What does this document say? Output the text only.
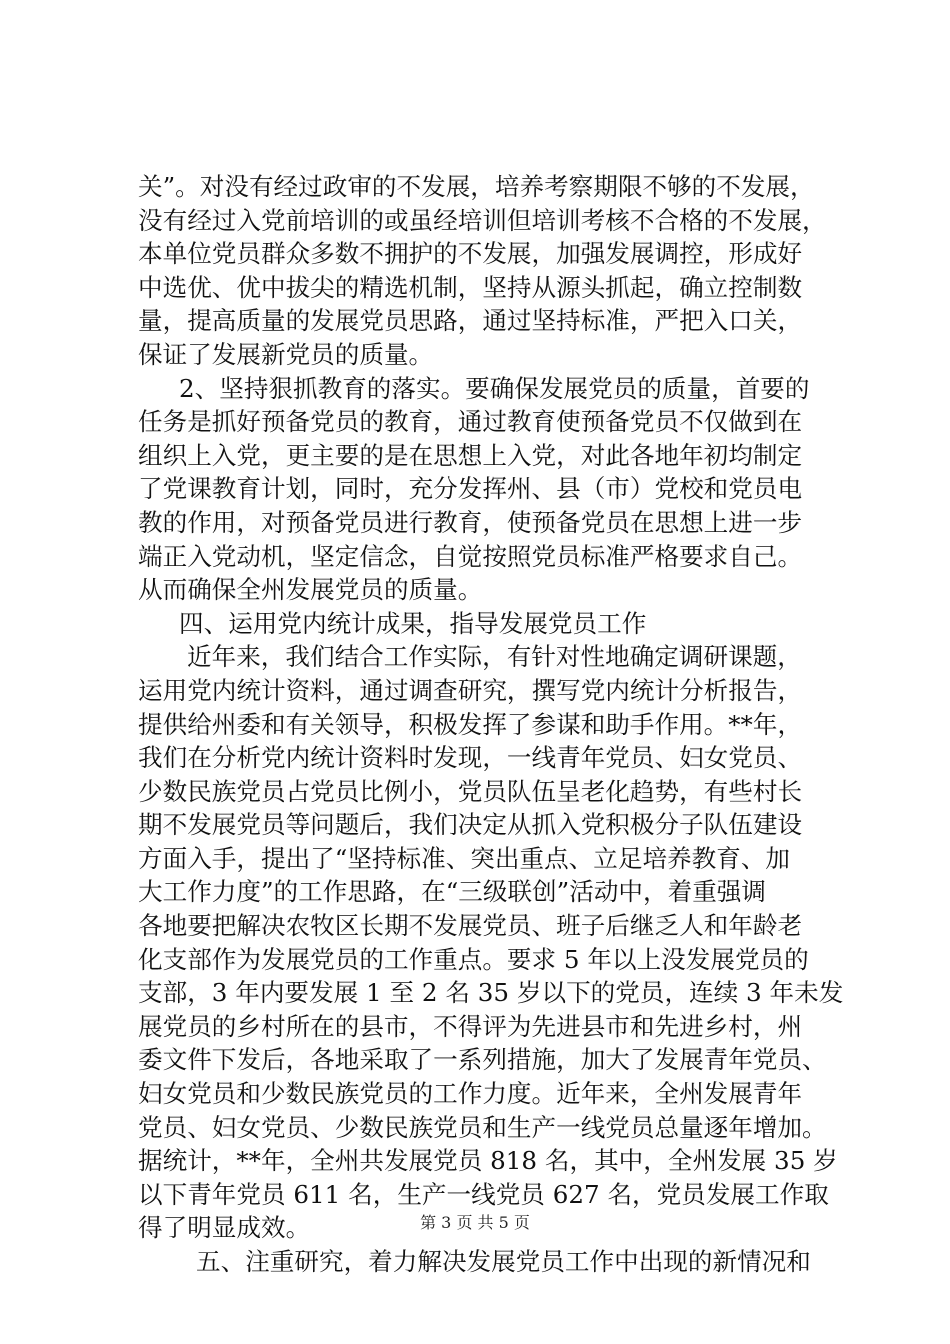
关”。对没有经过政审的不发展，培养考察期限不够的不发展，
没有经过入党前培训的或虽经培训但培训考核不合格的不发展，
本单位党员群众多数不拥护的不发展，加强发展调控，形成好
中选优、优中拔尖的精选机制，坚持从源头抓起，确立控制数
量，提高质量的发展党员思路，通过坚持标准，严把入口关，
保证了发展新党员的质量。
2、坚持狠抓教育的落实。要确保发展党员的质量，首要的
任务是抓好预备党员的教育，通过教育使预备党员不仅做到在
组织上入党，更主要的是在思想上入党，对此各地年初均制定
了党课教育计划，同时，充分发挥州、县（市）党校和党员电
教的作用，对预备党员进行教育，使预备党员在思想上进一步
端正入党动机，坚定信念，自觉按照党员标准严格要求自己。
从而确保全州发展党员的质量。
四、运用党内统计成果，指导发展党员工作
近年来，我们结合工作实际，有针对性地确定调研课题，
运用党内统计资料，通过调查研究，撰写党内统计分析报告，
提供给州委和有关领导，积极发挥了参谋和助手作用。**年，
我们在分析党内统计资料时发现，一线青年党员、妇女党员、
少数民族党员占党员比例小，党员队伍呈老化趋势，有些村长
期不发展党员等问题后，我们决定从抓入党积极分子队伍建设
方面入手，提出了“坚持标准、突出重点、立足培养教育、加
大工作力度”的工作思路，在“三级联创”活动中，着重强调
各地要把解决农牧区长期不发展党员、班子后继乏人和年龄老
化支部作为发展党员的工作重点。要求 5 年以上没发展党员的
支部，3 年内要发展 1 至 2 名 35 岁以下的党员，连续 3 年未发
展党员的乡村所在的县市，不得评为先进县市和先进乡村，州
委文件下发后，各地采取了一系列措施，加大了发展青年党员、
妇女党员和少数民族党员的工作力度。近年来，全州发展青年
党员、妇女党员、少数民族党员和生产一线党员总量逐年增加。
据统计，**年，全州共发展党员 818 名，其中，全州发展 35 岁
以下青年党员 611 名，生产一线党员 627 名，党员发展工作取
得了明显成效。
五、注重研究，着力解决发展党员工作中出现的新情况和
第 3 页 共 5 页
